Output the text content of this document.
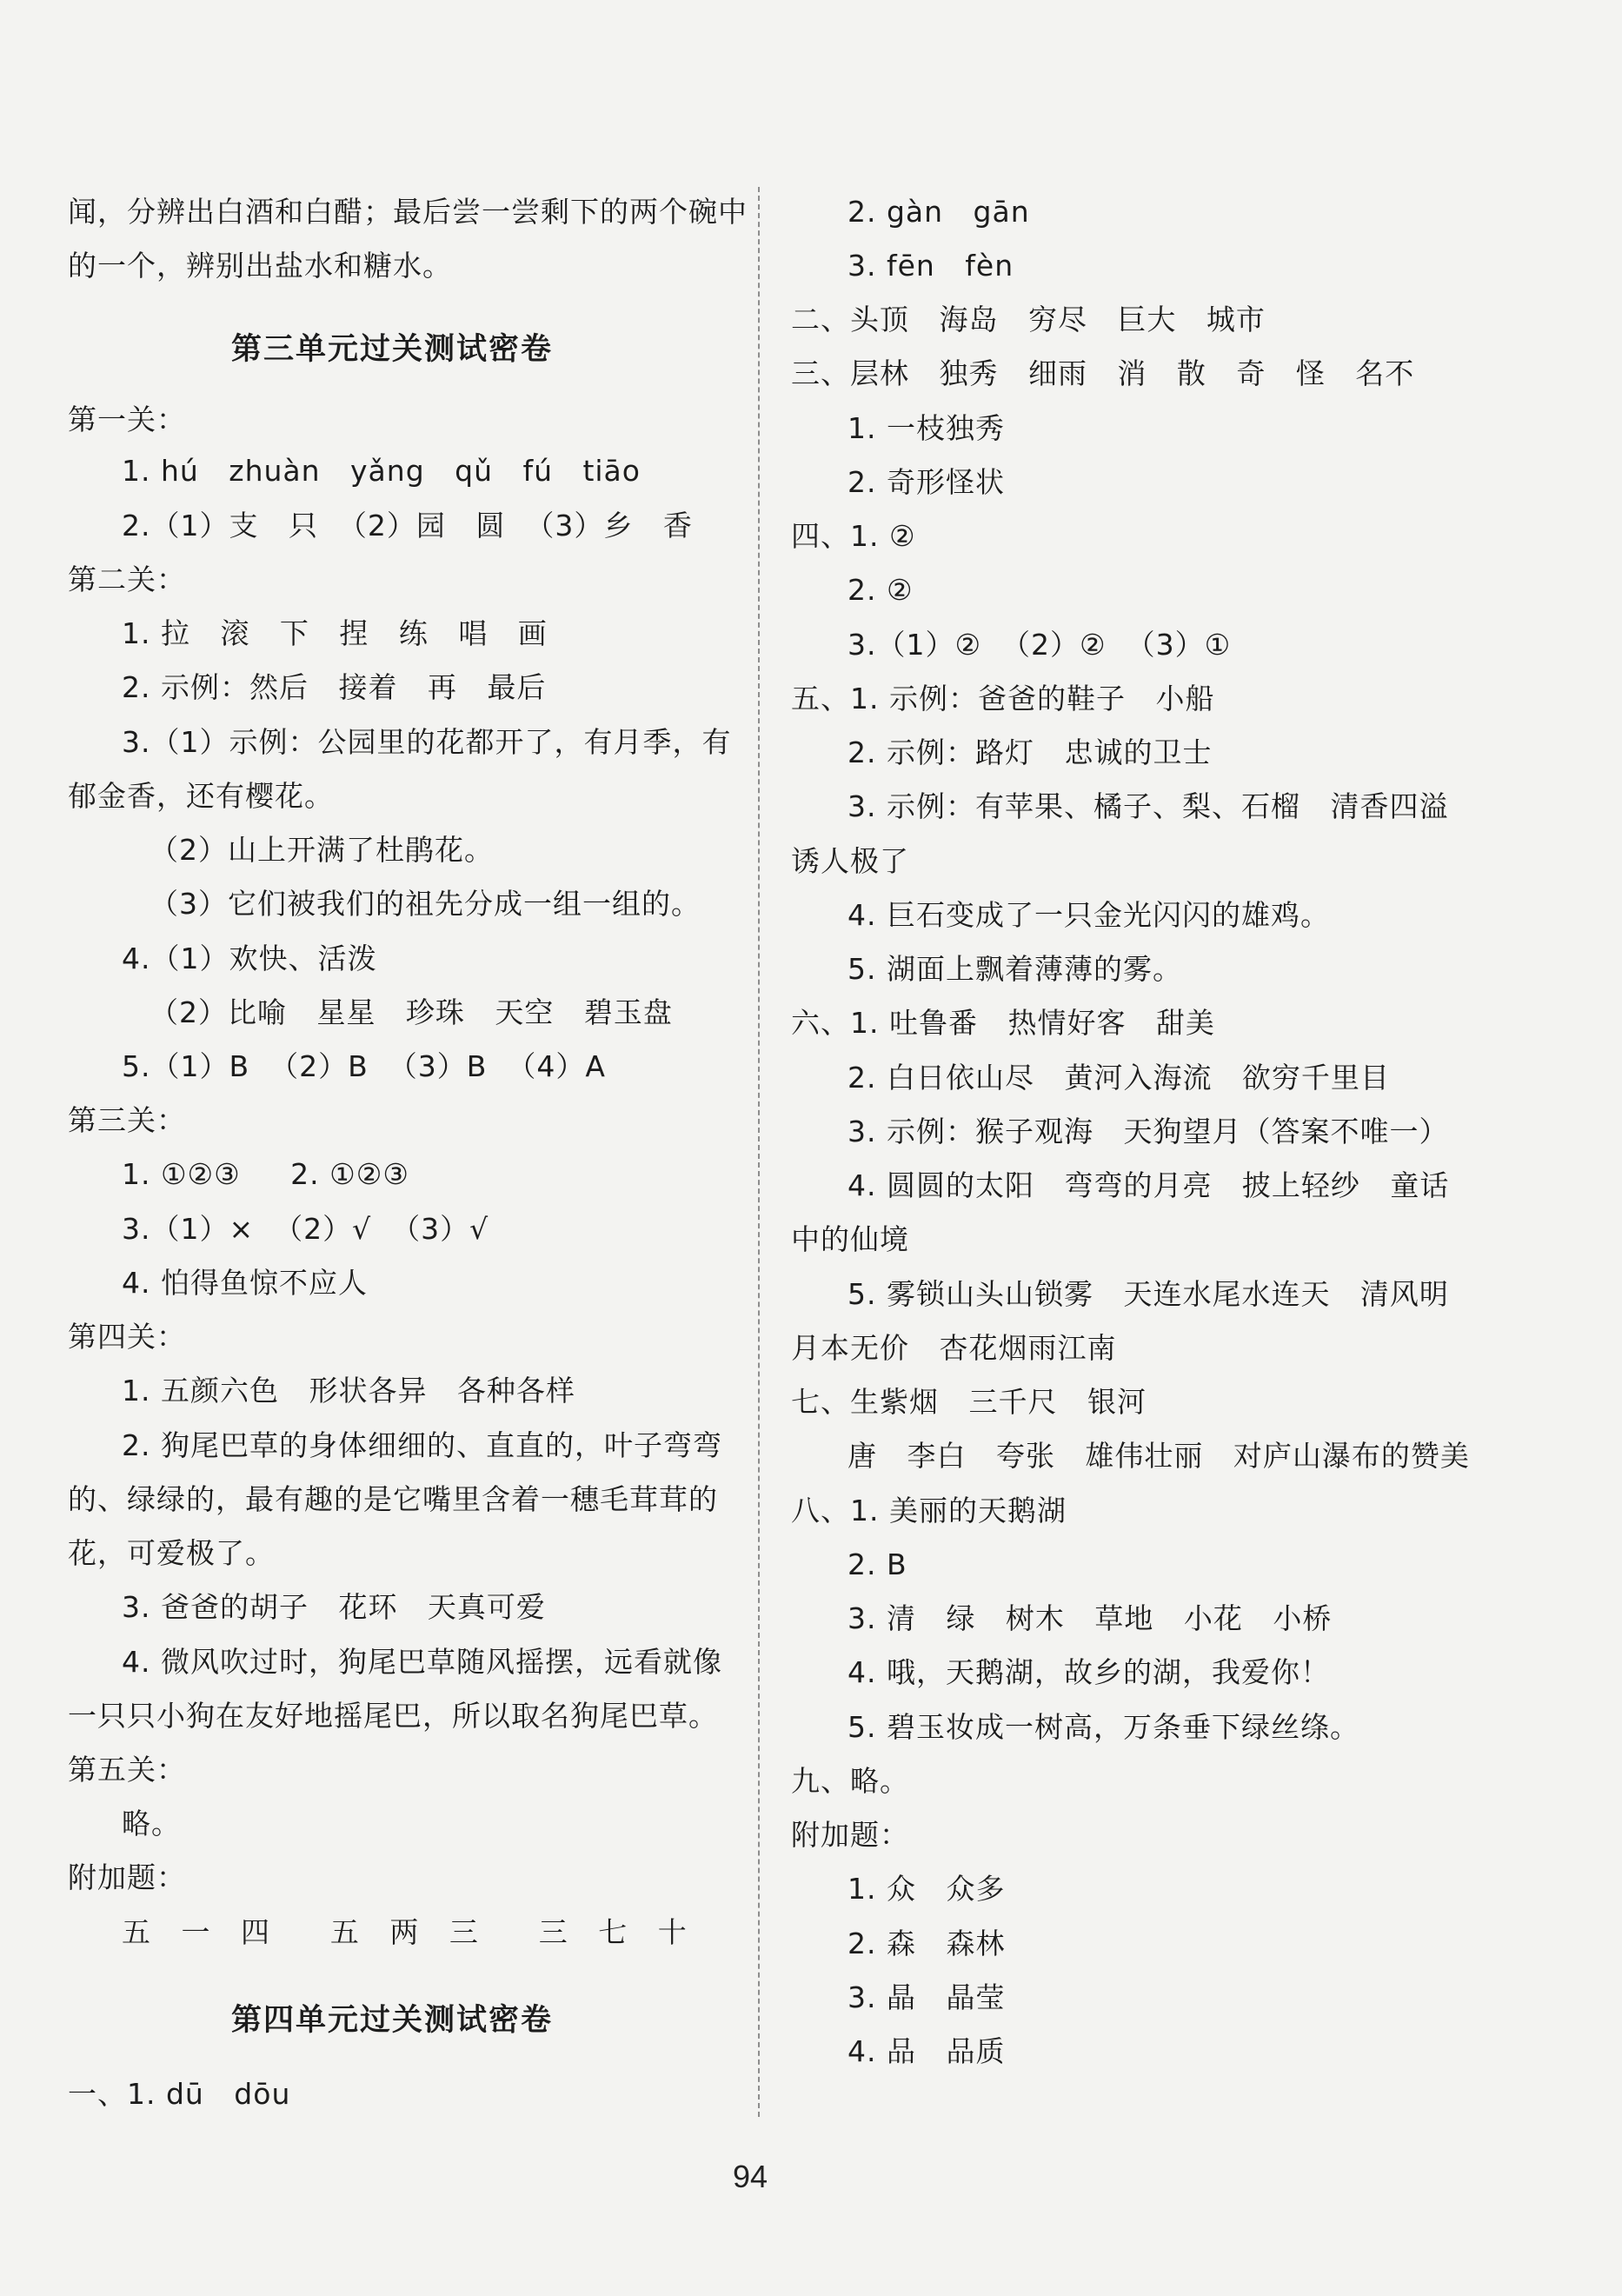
闻，分辨出白酒和白醋；最后尝一尝剩下的两个碗中
的一个，辨别出盐水和糖水。
第三单元过关测试密卷
第一关：
1. hú   zhuàn   yǎng   qǔ   fú   tiāo
2.（1）支   只  （2）园   圆  （3）乡   香
第二关：
1. 拉   滚   下   捏   练   唱   画
2. 示例：然后   接着   再   最后
3.（1）示例：公园里的花都开了，有月季，有
郁金香，还有樱花。
（2）山上开满了杜鹃花。
（3）它们被我们的祖先分成一组一组的。
4.（1）欢快、活泼
（2）比喻   星星   珍珠   天空   碧玉盘
5.（1）B  （2）B  （3）B  （4）A
第三关：
1. ①②③     2. ①②③
3.（1）×  （2）√  （3）√
4. 怕得鱼惊不应人
第四关：
1. 五颜六色   形状各异   各种各样
2. 狗尾巴草的身体细细的、直直的，叶子弯弯
的、绿绿的，最有趣的是它嘴里含着一穗毛茸茸的
花，可爱极了。
3. 爸爸的胡子   花环   天真可爱
4. 微风吹过时，狗尾巴草随风摇摆，远看就像
一只只小狗在友好地摇尾巴，所以取名狗尾巴草。
第五关：
略。
附加题：
五   一   四      五   两   三      三   七   十
第四单元过关测试密卷
一、1. dū   dōu
2. gàn   gān
3. fēn   fèn
二、头顶   海岛   穷尽   巨大   城市
三、层林   独秀   细雨   消   散   奇   怪   名不
1. 一枝独秀
2. 奇形怪状
四、1. ②
2. ②
3.（1）②  （2）②  （3）①
五、1. 示例：爸爸的鞋子   小船
2. 示例：路灯   忠诚的卫士
3. 示例：有苹果、橘子、梨、石榴   清香四溢
诱人极了
4. 巨石变成了一只金光闪闪的雄鸡。
5. 湖面上飘着薄薄的雾。
六、1. 吐鲁番   热情好客   甜美
2. 白日依山尽   黄河入海流   欲穷千里目
3. 示例：猴子观海   天狗望月（答案不唯一）
4. 圆圆的太阳   弯弯的月亮   披上轻纱   童话
中的仙境
5. 雾锁山头山锁雾   天连水尾水连天   清风明
月本无价   杏花烟雨江南
七、生紫烟   三千尺   银河
唐   李白   夸张   雄伟壮丽   对庐山瀑布的赞美
八、1. 美丽的天鹅湖
2. B
3. 清   绿   树木   草地   小花   小桥
4. 哦，天鹅湖，故乡的湖，我爱你！
5. 碧玉妆成一树高，万条垂下绿丝绦。
九、略。
附加题：
1. 众   众多
2. 森   森林
3. 晶   晶莹
4. 品   品质
94
